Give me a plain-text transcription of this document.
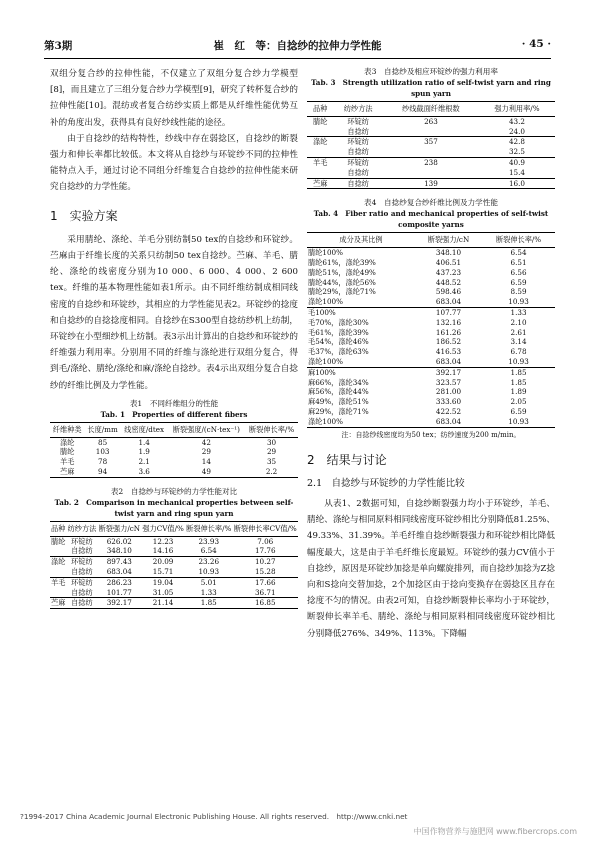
第3期	崔　红　等：自捻纱的拉伸力学性能	· 45 ·

双组分复合纱的拉伸性能，不仅建立了双组分复合纱力学模型[8]，而且建立了三组分复合纱力学模型[9]，研究了转杯复合纱的拉伸性能[10]。混纺或者复合纺纱实质上都是从纤维性能优势互补的角度出发，获得具有良好纱线性能的途径。

由于自捻纱的结构特性，纱线中存在弱捻区，自捻纱的断裂强力和伸长率都比较低。本文将从自捻纱与环锭纱不同的拉伸性能特点入手，通过讨论不同组分纤维复合自捻纱的拉伸性能来研究自捻纱的力学性能。

1　实验方案

采用腈纶、涤纶、羊毛分别纺制50 tex的自捻纱和环锭纱。苎麻由于纤维长度的关系只纺制50 tex自捻纱。苎麻、羊毛、腈纶、涤纶的线密度分别为10 000、6 000、4 000、2 600 tex。纤维的基本物理性能如表1所示。由不同纤维纺制成相同线密度的自捻纱和环锭纱，其相应的力学性能见表2。环锭纱的捻度和自捻纱的自捻捻度相同。自捻纱在S300型自捻纺纱机上纺制，环锭纱在小型细纱机上纺制。表3示出计算出的自捻纱和环锭纱的纤维强力利用率。分别用不同的纤维与涤纶进行双组分复合，得到毛/涤纶、腈纶/涤纶和麻/涤纶自捻纱。表4示出双组分复合自捻纱的纤维比例及力学性能。

表1　不同纤维组分的性能
Tab. 1　Properties of different fibers
纤维种类	长度/mm	线密度/dtex	断裂强度/(cN·tex⁻¹)	断裂伸长率/%
涤纶	85	1.4	42	30
腈纶	103	1.9	29	29
羊毛	78	2.1	14	35
苎麻	94	3.6	49	2.2
表2　自捻纱与环锭纱的力学性能对比
Tab. 2　Comparison in mechanical properties between self-twist yarn and ring spun yarn
品种	纺纱方法	断裂强力/cN	强力CV值/%	断裂伸长率/%	断裂伸长率CV值/%
腈纶	环锭纺	626.02	12.23	23.93	7.06
	自捻纺	348.10	14.16	6.54	17.76
涤纶	环锭纺	897.43	20.09	23.26	10.27
	自捻纺	683.04	15.71	10.93	15.28
羊毛	环锭纺	286.23	19.04	5.01	17.66
	自捻纺	101.77	31.05	1.33	36.71
苎麻	自捻纺	392.17	21.14	1.85	16.85
表3　自捻纱及相应环锭纱的强力利用率
Tab. 3　Strength utilization ratio of self-twist yarn and ring spun yarn
品种	纺纱方法	纱线截面纤维根数	强力利用率/%
腈纶	环锭纺	263	43.2
	自捻纺		24.0
涤纶	环锭纺	357	42.8
	自捻纺		32.5
羊毛	环锭纺	238	40.9
	自捻纺		15.4
苎麻	自捻纺	139	16.0
表4　自捻纱复合纱纤维比例及力学性能
Tab. 4　Fiber ratio and mechanical properties of self-twist composite yarns
成分及其比例	断裂强力/cN	断裂伸长率/%
腈纶100%	348.10	6.54
腈纶61%，涤纶39%	406.51	6.51
腈纶51%，涤纶49%	437.23	6.56
腈纶44%，涤纶56%	448.52	6.59
腈纶29%，涤纶71%	598.46	8.59
涤纶100%	683.04	10.93
毛100%	107.77	1.33
毛70%，涤纶30%	132.16	2.10
毛61%，涤纶39%	161.26	2.61
毛54%，涤纶46%	186.52	3.14
毛37%，涤纶63%	416.53	6.78
涤纶100%	683.04	10.93
麻100%	392.17	1.85
麻66%，涤纶34%	323.57	1.85
麻56%，涤纶44%	281.00	1.89
麻49%，涤纶51%	333.60	2.05
麻29%，涤纶71%	422.52	6.59
涤纶100%	683.04	10.93
注：自捻纱线密度均为50 tex；纺纱速度为200 m/min。
2　结果与讨论
2.1　自捻纱与环锭纱的力学性能比较

从表1、2数据可知，自捻纱断裂强力均小于环锭纱，羊毛、腈纶、涤纶与相同原料相同线密度环锭纱相比分别降低81.25%、49.33%、31.39%。羊毛纤维自捻纱断裂强力和环锭纱相比降低幅度最大，这是由于羊毛纤维长度最短。环锭纱的强力CV值小于自捻纱，原因是环锭纱加捻是单向螺旋排列，而自捻纱加捻为Z捻向和S捻向交替加捻，2个加捻区由于捻向变换存在弱捻区且存在捻度不匀的情况。由表2可知，自捻纱断裂伸长率均小于环锭纱，断裂伸长率羊毛、腈纶、涤纶与相同原料相同线密度环锭纱相比分别降低276%、349%、113%。下降幅

?1994-2017 China Academic Journal Electronic Publishing House. All rights reserved.　http://www.cnki.net
中国作物营养与施肥网 www.fibercrops.com
